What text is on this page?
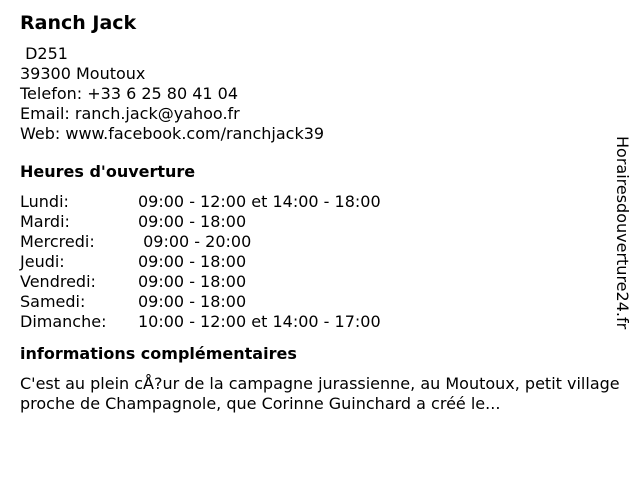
Ranch Jack
D251
39300 Moutoux
Telefon: +33 6 25 80 41 04
Email: ranch.jack@yahoo.fr
Web: www.facebook.com/ranchjack39
Heures d'ouverture
Lundi:	09:00 - 12:00 et 14:00 - 18:00
Mardi:	09:00 - 18:00
Mercredi:	09:00 - 20:00
Jeudi:	09:00 - 18:00
Vendredi:	09:00 - 18:00
Samedi:	09:00 - 18:00
Dimanche:	10:00 - 12:00 et 14:00 - 17:00
informations complémentaires
C'est au plein cÅ?ur de la campagne jurassienne, au Moutoux, petit village proche de Champagnole, que Corinne Guinchard a créé le...
Horairesdouverture24.fr
